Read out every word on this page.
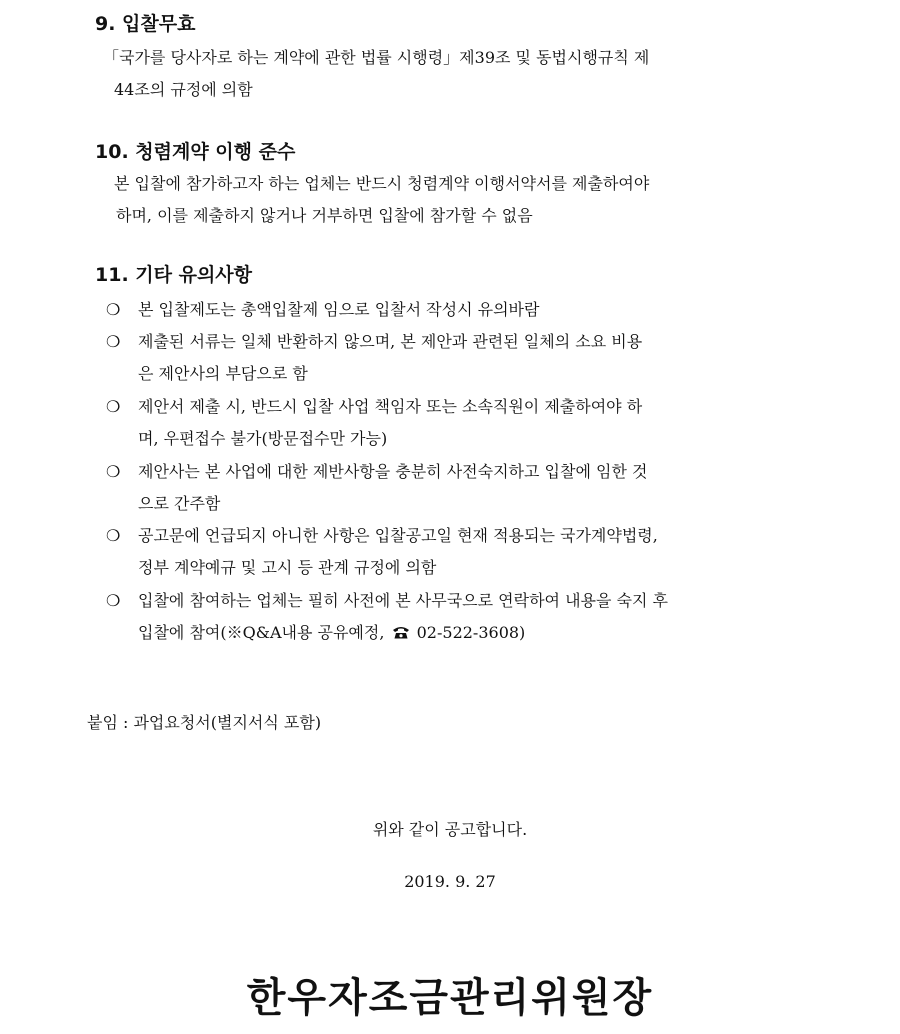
9. 입찰무효
「국가를 당사자로 하는 계약에 관한 법률 시행령」제39조 및 동법시행규칙 제
44조의 규정에 의함
10. 청렴계약 이행 준수
본 입찰에 참가하고자 하는 업체는 반드시 청렴계약 이행서약서를 제출하여야
하며, 이를 제출하지 않거나 거부하면 입찰에 참가할 수 없음
11. 기타 유의사항
❍	본 입찰제도는 총액입찰제 임으로 입찰서 작성시 유의바람
❍	제출된 서류는 일체 반환하지 않으며, 본 제안과 관련된 일체의 소요 비용
은 제안사의 부담으로 함
❍	제안서 제출 시, 반드시 입찰 사업 책임자 또는 소속직원이 제출하여야 하
며, 우편접수 불가(방문접수만 가능)
❍	제안사는 본 사업에 대한 제반사항을 충분히 사전숙지하고 입찰에 임한 것
으로 간주함
❍	공고문에 언급되지 아니한 사항은 입찰공고일 현재 적용되는 국가계약법령,
정부 계약예규 및 고시 등 관계 규정에 의함
❍	입찰에 참여하는 업체는 필히 사전에 본 사무국으로 연락하여 내용을 숙지 후
입찰에 참여(※Q&A내용 공유예정, 02-522-3608)
붙임 : 과업요청서(별지서식 포함)
위와 같이 공고합니다.
2019. 9. 27
한우자조금관리위원장
